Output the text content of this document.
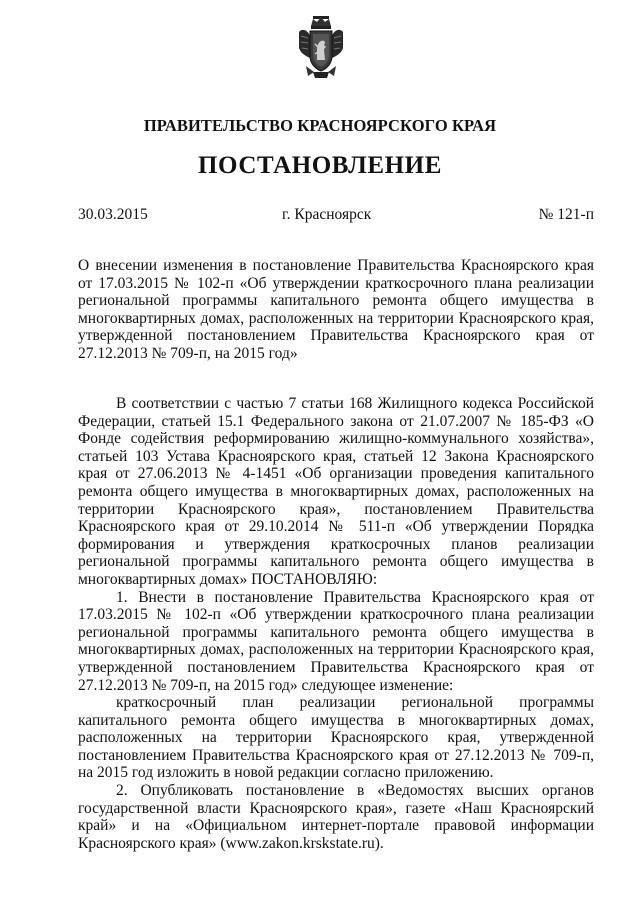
ПРАВИТЕЛЬСТВО КРАСНОЯРСКОГО КРАЯ
ПОСТАНОВЛЕНИЕ
30.03.2015	г. Красноярск	№ 121-п

О внесении изменения в постановление Правительства Красноярского края от 17.03.2015 № 102-п «Об утверждении краткосрочного плана реализации региональной программы капитального ремонта общего имущества в многоквартирных домах, расположенных на территории Красноярского края, утвержденной постановлением Правительства Красноярского края от 27.12.2013 № 709-п, на 2015 год»

В соответствии с частью 7 статьи 168 Жилищного кодекса Российской Федерации, статьей 15.1 Федерального закона от 21.07.2007 № 185-ФЗ «О Фонде содействия реформированию жилищно-коммунального хозяйства», статьей 103 Устава Красноярского края, статьей 12 Закона Красноярского края от 27.06.2013 № 4-1451 «Об организации проведения капитального ремонта общего имущества в многоквартирных домах, расположенных на территории Красноярского края», постановлением Правительства Красноярского края от 29.10.2014 № 511-п «Об утверждении Порядка формирования и утверждения краткосрочных планов реализации региональной программы капитального ремонта общего имущества в многоквартирных домах» ПОСТАНОВЛЯЮ:

1. Внести в постановление Правительства Красноярского края от 17.03.2015 № 102-п «Об утверждении краткосрочного плана реализации региональной программы капитального ремонта общего имущества в многоквартирных домах, расположенных на территории Красноярского края, утвержденной постановлением Правительства Красноярского края от 27.12.2013 № 709-п, на 2015 год» следующее изменение:

краткосрочный план реализации региональной программы капитального ремонта общего имущества в многоквартирных домах, расположенных на территории Красноярского края, утвержденной постановлением Правительства Красноярского края от 27.12.2013 № 709-п, на 2015 год изложить в новой редакции согласно приложению.

2. Опубликовать постановление в «Ведомостях высших органов государственной власти Красноярского края», газете «Наш Красноярский край» и на «Официальном интернет-портале правовой информации Красноярского края» (www.zakon.krskstate.ru).
